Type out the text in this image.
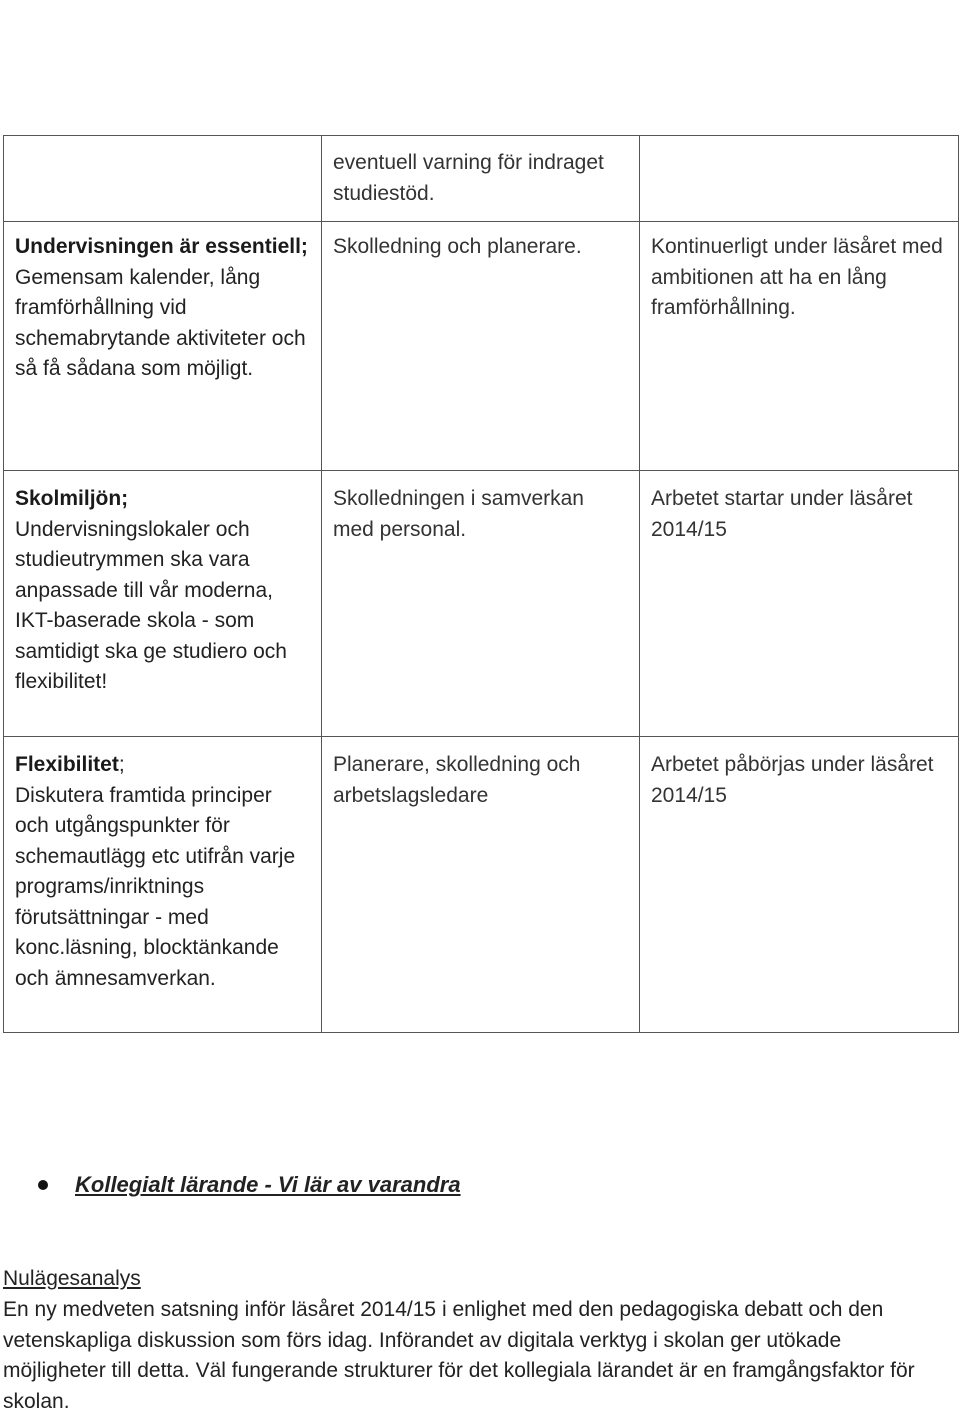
	eventuell varning för indraget studiestöd.	
Undervisningen är essentiell;
Gemensam kalender, lång framförhållning vid schemabrytande aktiviteter och så få sådana som möjligt.	Skolledning och planerare.	Kontinuerligt under läsåret med ambitionen att ha en lång framförhållning.
Skolmiljön;
Undervisningslokaler och studieutrymmen ska vara anpassade till vår moderna, IKT-baserade skola - som samtidigt ska ge studiero och flexibilitet!	Skolledningen i samverkan med personal.	Arbetet startar under läsåret 2014/15
Flexibilitet;
Diskutera framtida principer och utgångspunkter för schemautlägg etc utifrån varje programs/inriktnings förutsättningar - med konc.läsning, blocktänkande och ämnesamverkan.	Planerare, skolledning och arbetslagsledare	Arbetet påbörjas under läsåret 2014/15
Kollegialt lärande - Vi lär av varandra
Nulägesanalys
En ny medveten satsning inför läsåret 2014/15 i enlighet med den pedagogiska debatt och den vetenskapliga diskussion som förs idag. Införandet av digitala verktyg i skolan ger utökade möjligheter till detta. Väl fungerande strukturer för det kollegiala lärandet är en framgångsfaktor för skolan.
